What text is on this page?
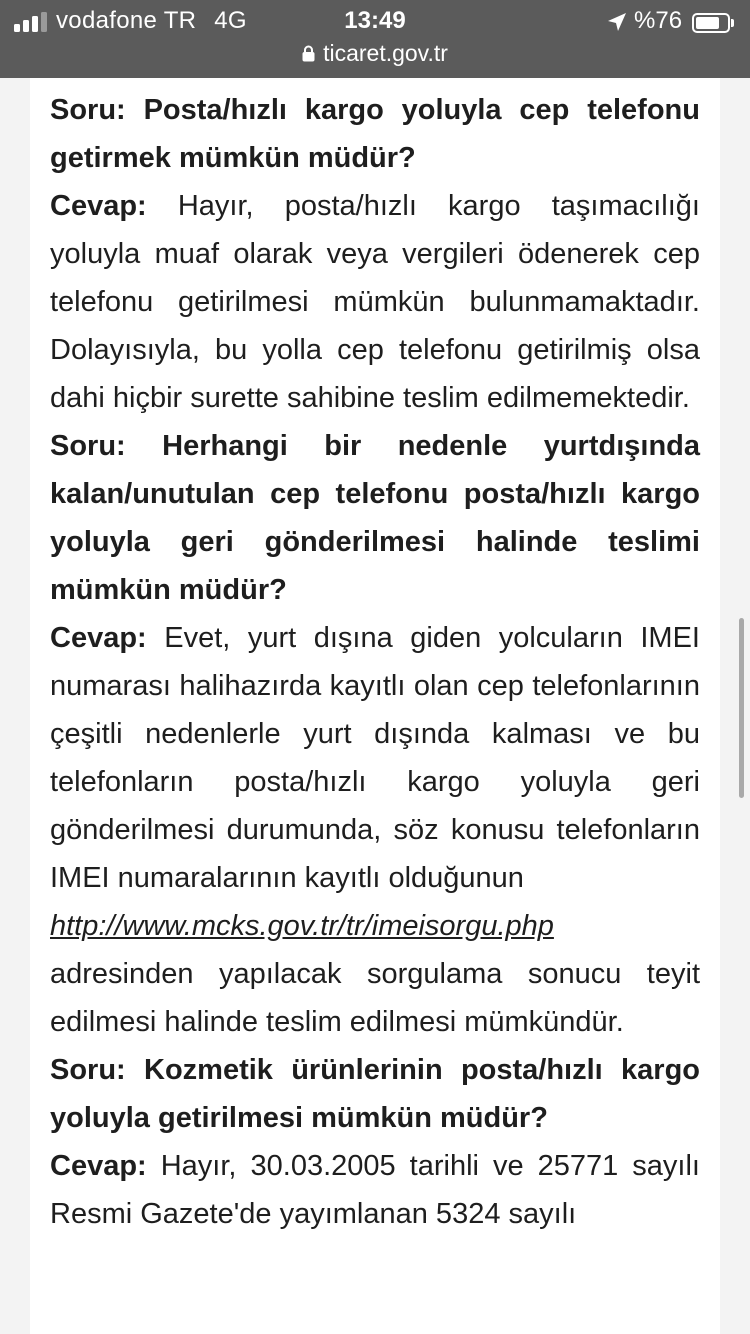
vodafone TR 4G	13:49	%76
ticaret.gov.tr

Soru: Posta/hızlı kargo yoluyla cep telefonu getirmek mümkün müdür?

Cevap: Hayır, posta/hızlı kargo taşımacılığı yoluyla muaf olarak veya vergileri ödenerek cep telefonu getirilmesi mümkün bulunmamaktadır. Dolayısıyla, bu yolla cep telefonu getirilmiş olsa dahi hiçbir surette sahibine teslim edilmemektedir.

Soru: Herhangi bir nedenle yurtdışında kalan/unutulan cep telefonu posta/hızlı kargo yoluyla geri gönderilmesi halinde teslimi mümkün müdür?

Cevap: Evet, yurt dışına giden yolcuların IMEI numarası halihazırda kayıtlı olan cep telefonlarının çeşitli nedenlerle yurt dışında kalması ve bu telefonların posta/hızlı kargo yoluyla geri gönderilmesi durumunda, söz konusu telefonların IMEI numaralarının kayıtlı olduğunun

http://www.mcks.gov.tr/tr/imeisorgu.php

adresinden yapılacak sorgulama sonucu teyit edilmesi halinde teslim edilmesi mümkündür.

Soru: Kozmetik ürünlerinin posta/hızlı kargo yoluyla getirilmesi mümkün müdür?

Cevap: Hayır, 30.03.2005 tarihli ve 25771 sayılı Resmi Gazete'de yayımlanan 5324 sayılı
